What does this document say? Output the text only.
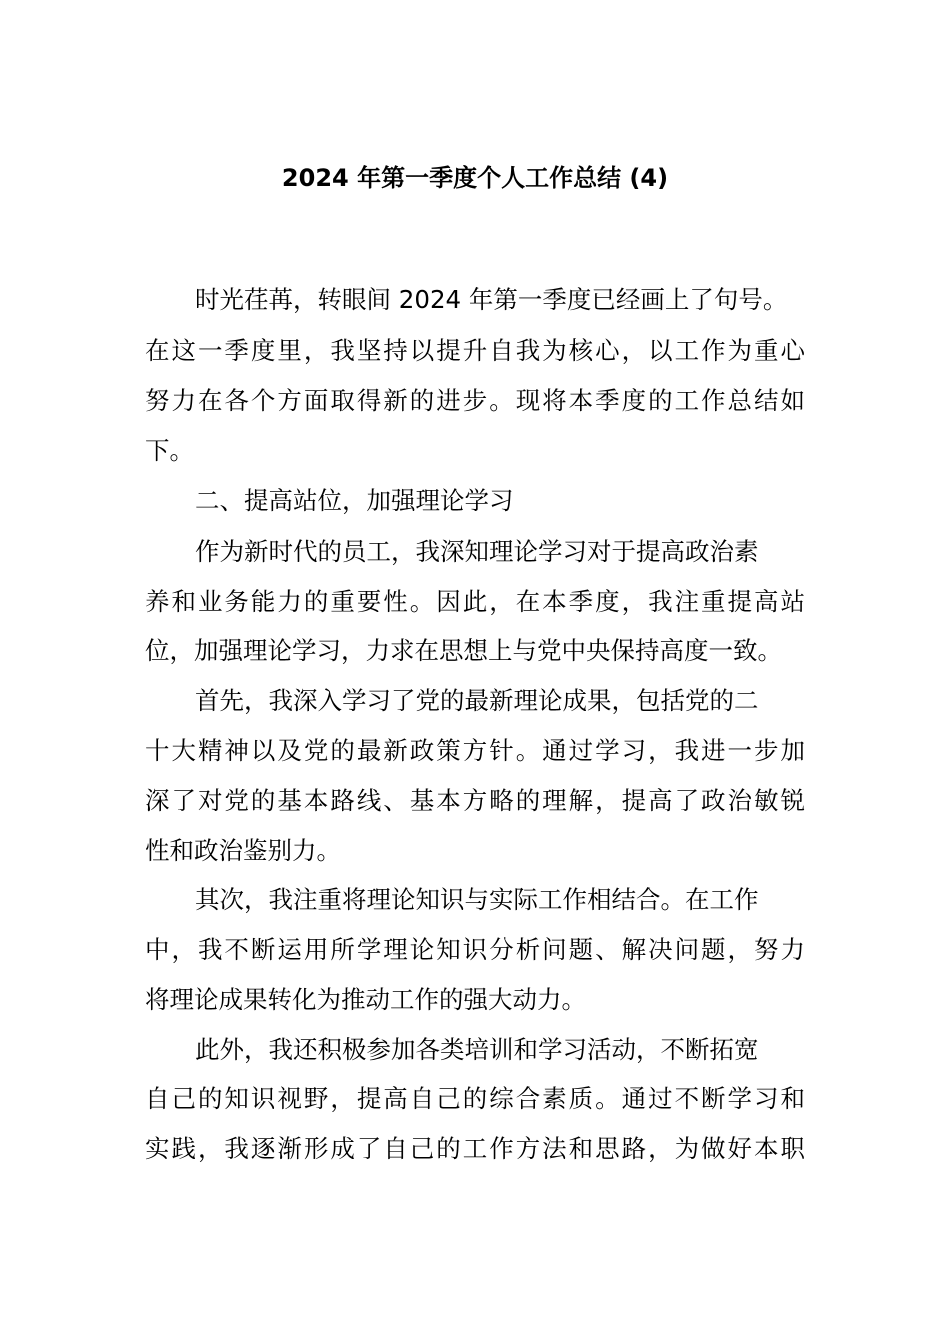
2024 年第一季度个人工作总结 (4)
时光荏苒，转眼间 2024 年第一季度已经画上了句号。
在这一季度里，我坚持以提升自我为核心，以工作为重心
努力在各个方面取得新的进步。现将本季度的工作总结如
下。
二、提高站位，加强理论学习
作为新时代的员工，我深知理论学习对于提高政治素
养和业务能力的重要性。因此，在本季度，我注重提高站
位，加强理论学习，力求在思想上与党中央保持高度一致。
首先，我深入学习了党的最新理论成果，包括党的二
十大精神以及党的最新政策方针。通过学习，我进一步加
深了对党的基本路线、基本方略的理解，提高了政治敏锐
性和政治鉴别力。
其次，我注重将理论知识与实际工作相结合。在工作
中，我不断运用所学理论知识分析问题、解决问题，努力
将理论成果转化为推动工作的强大动力。
此外，我还积极参加各类培训和学习活动，不断拓宽
自己的知识视野，提高自己的综合素质。通过不断学习和
实践，我逐渐形成了自己的工作方法和思路，为做好本职
